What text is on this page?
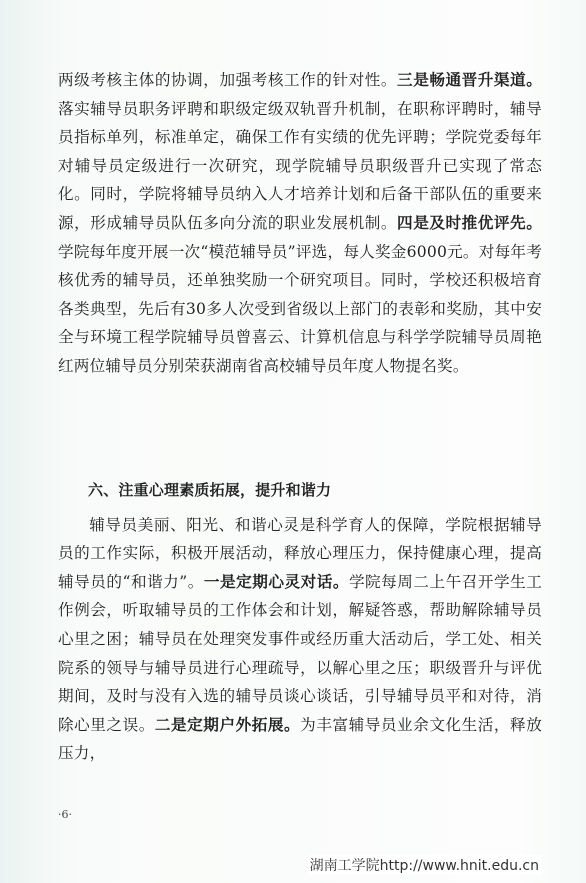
两级考核主体的协调，加强考核工作的针对性。三是畅通晋升渠道。落实辅导员职务评聘和职级定级双轨晋升机制，在职称评聘时，辅导员指标单列，标准单定，确保工作有实绩的优先评聘；学院党委每年对辅导员定级进行一次研究，现学院辅导员职级晋升已实现了常态化。同时，学院将辅导员纳入人才培养计划和后备干部队伍的重要来源，形成辅导员队伍多向分流的职业发展机制。四是及时推优评先。学院每年度开展一次“模范辅导员”评选，每人奖金6000元。对每年考核优秀的辅导员，还单独奖励一个研究项目。同时，学校还积极培育各类典型，先后有30多人次受到省级以上部门的表彰和奖励，其中安全与环境工程学院辅导员曾喜云、计算机信息与科学学院辅导员周艳红两位辅导员分别荣获湖南省高校辅导员年度人物提名奖。

六、注重心理素质拓展，提升和谐力

辅导员美丽、阳光、和谐心灵是科学育人的保障，学院根据辅导员的工作实际，积极开展活动，释放心理压力，保持健康心理，提高辅导员的“和谐力”。一是定期心灵对话。学院每周二上午召开学生工作例会，听取辅导员的工作体会和计划，解疑答惑，帮助解除辅导员心里之困；辅导员在处理突发事件或经历重大活动后，学工处、相关院系的领导与辅导员进行心理疏导，以解心里之压；职级晋升与评优期间，及时与没有入选的辅导员谈心谈话，引导辅导员平和对待，消除心里之误。二是定期户外拓展。为丰富辅导员业余文化生活，释放压力，

·6·
湖南工学院http://www.hnit.edu.cn
